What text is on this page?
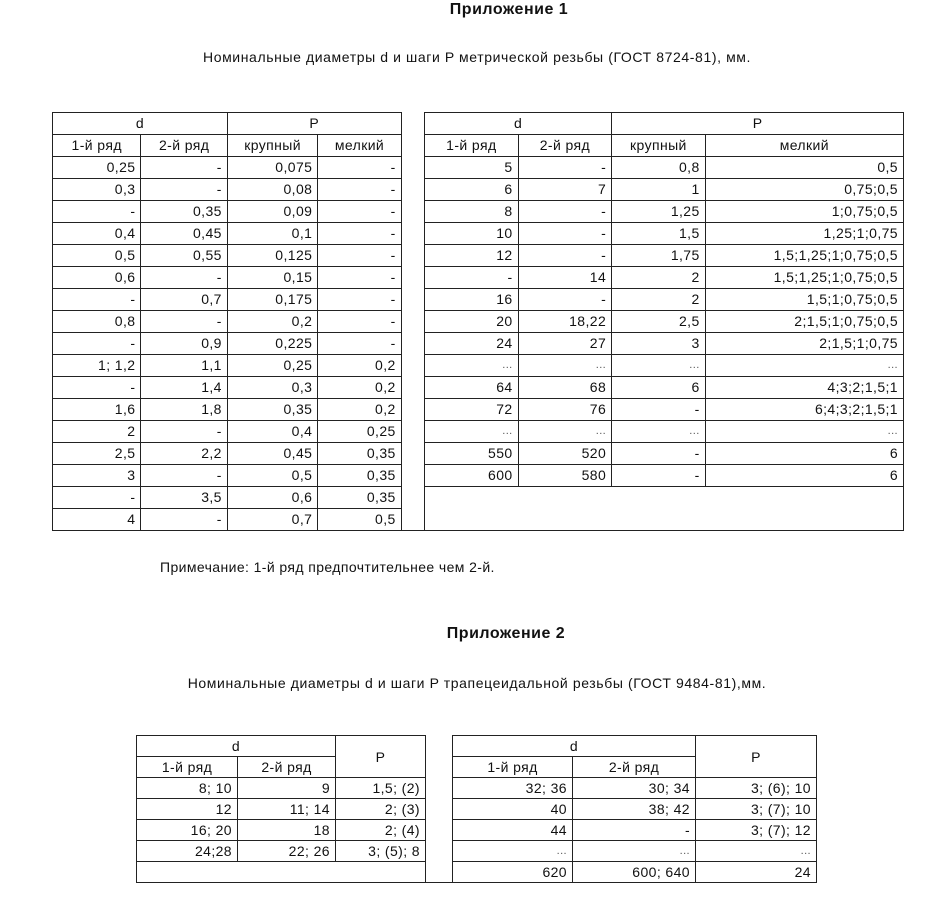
Приложение 1
Номинальные диаметры d и шаги P метрической резьбы (ГОСТ 8724-81), мм.
d		P			d		P	
1-й ряд	2-й ряд	крупный	мелкий		1-й ряд	2-й ряд	крупный	мелкий
0,25	-	0,075	-		5	-	0,8	0,5
0,3	-	0,08	-		6	7	1	0,75;0,5
-	0,35	0,09	-		8	-	1,25	1;0,75;0,5
0,4	0,45	0,1	-		10	-	1,5	1,25;1;0,75
0,5	0,55	0,125	-		12	-	1,75	1,5;1,25;1;0,75;0,5
0,6	-	0,15	-		-	14	2	1,5;1,25;1;0,75;0,5
-	0,7	0,175	-		16	-	2	1,5;1;0,75;0,5
0,8	-	0,2	-		20	18,22	2,5	2;1,5;1;0,75;0,5
-	0,9	0,225	-		24	27	3	2;1,5;1;0,75
1; 1,2	1,1	0,25	0,2		...	...	...	...
-	1,4	0,3	0,2		64	68	6	4;3;2;1,5;1
1,6	1,8	0,35	0,2		72	76	-	6;4;3;2;1,5;1
2	-	0,4	0,25		...	...	...	...
2,5	2,2	0,45	0,35		550	520	-	6
3	-	0,5	0,35		600	580	-	6
-	3,5	0,6	0,35					
4	-	0,7	0,5					
Примечание: 1-й ряд предпочтительнее чем 2-й.
Приложение 2
Номинальные диаметры d и шаги P трапецеидальной резьбы (ГОСТ 9484-81),мм.
d		P		d		P
1-й ряд	2-й ряд			1-й ряд	2-й ряд	
8; 10	9	1,5; (2)		32; 36	30; 34	3; (6); 10
12	11; 14	2; (3)		40	38; 42	3; (7); 10
16; 20	18	2; (4)		44	-	3; (7); 12
24;28	22; 26	3; (5); 8		...	...	...
				620	600; 640	24
